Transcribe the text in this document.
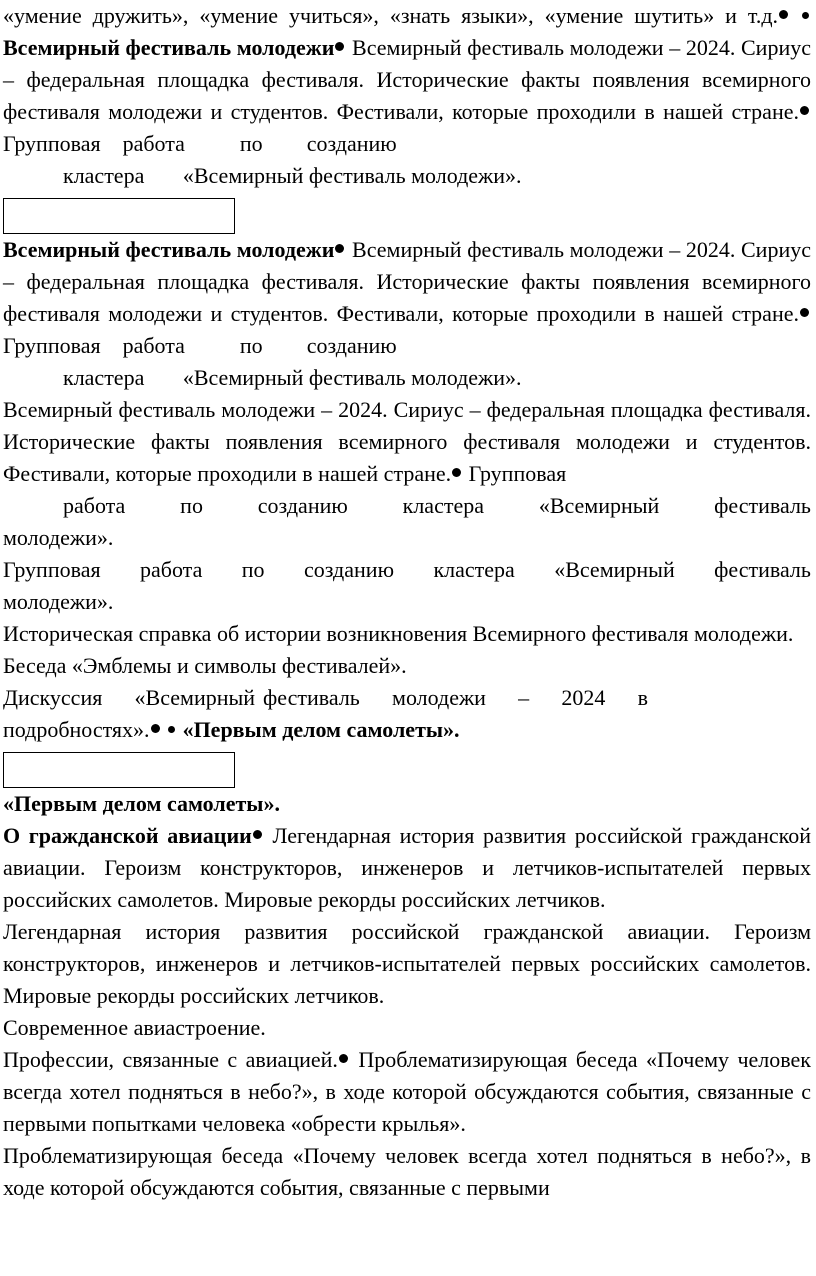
«умение дружить», «умение учиться», «знать языки», «умение шутить» и т.д.  Всемирный фестиваль молодежи Всемирный фестиваль молодежи – 2024. Сириус – федеральная площадка фестиваля. Исторические факты появления всемирного фестиваля молодежи и студентов. Фестивали, которые проходили в нашей стране. Групповая работа	по созданию

кластера «Всемирный фестиваль молодежи».

Всемирный фестиваль молодежи Всемирный фестиваль молодежи – 2024. Сириус – федеральная площадка фестиваля. Исторические факты появления всемирного фестиваля молодежи и студентов. Фестивали, которые проходили в нашей стране. Групповая работа	по созданию

кластера «Всемирный фестиваль молодежи».

Всемирный фестиваль молодежи – 2024. Сириус – федеральная площадка фестиваля. Исторические факты появления всемирного фестиваля молодежи и студентов. Фестивали, которые проходили в нашей стране. Групповая

работа по созданию кластера «Всемирный фестиваль
молодежи».
Групповая работа по созданию кластера «Всемирный фестиваль
молодежи».

Историческая справка об истории возникновения Всемирного фестиваля молодежи.

Беседа «Эмблемы и символы фестивалей».

Дискуссия «Всемирный фестиваль молодежи – 2024 в
подробностях». «Первым делом самолеты».
«Первым делом самолеты».

О гражданской авиации Легендарная история развития российской гражданской авиации. Героизм конструкторов, инженеров и летчиков-испытателей первых российских самолетов. Мировые рекорды российских летчиков.

Легендарная история развития российской гражданской авиации. Героизм конструкторов, инженеров и летчиков-испытателей первых российских самолетов. Мировые рекорды российских летчиков.

Современное авиастроение.

Профессии, связанные с авиацией. Проблематизирующая беседа «Почему человек всегда хотел подняться в небо?», в ходе которой обсуждаются события, связанные с первыми попытками человека «обрести крылья».

Проблематизирующая беседа «Почему человек всегда хотел подняться в небо?», в ходе которой обсуждаются события, связанные с первыми
